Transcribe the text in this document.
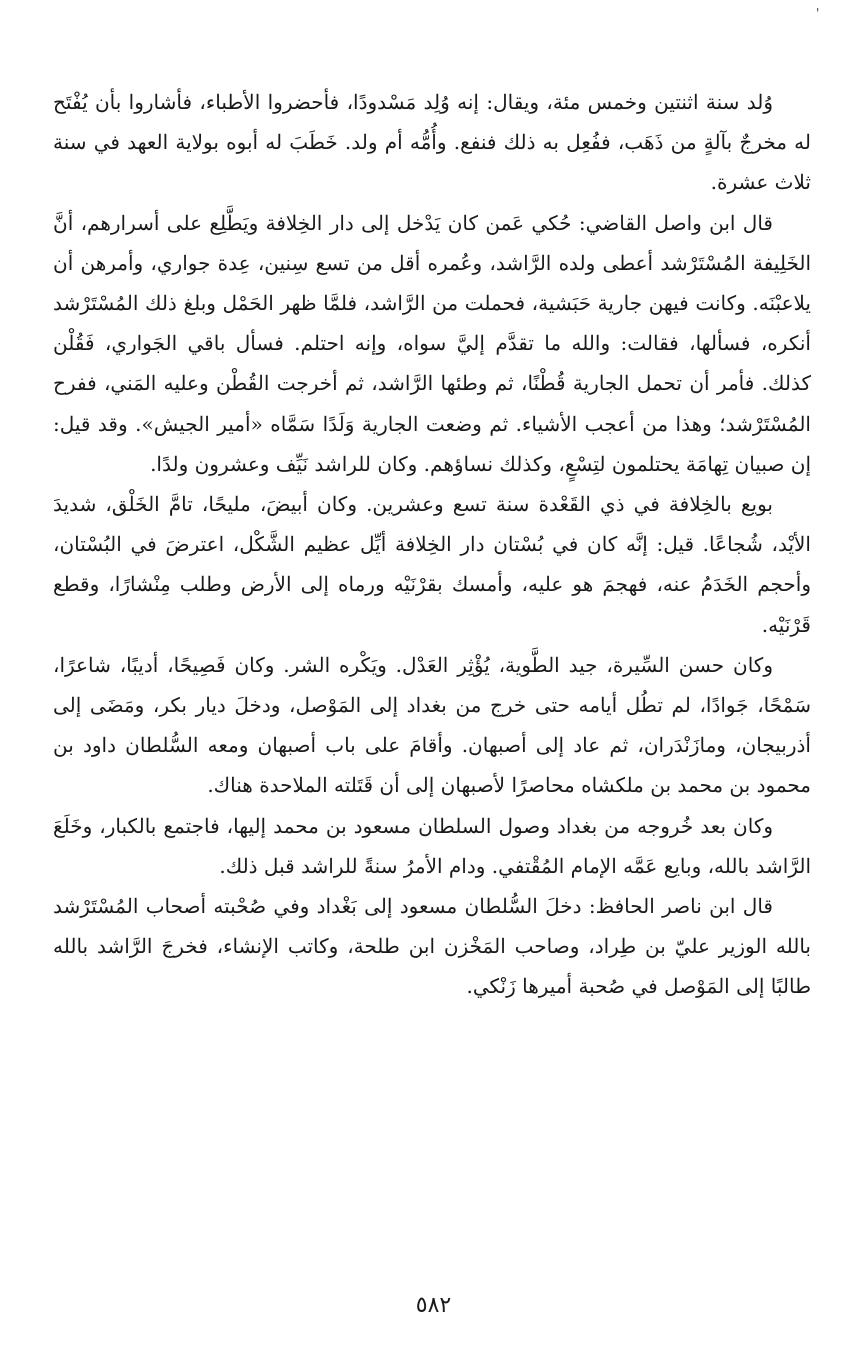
'

وُلد سنة اثنتين وخمس مئة، ويقال: إنه وُلِد مَسْدودًا، فأحضروا الأطباء، فأشاروا بأن يُفْتَح له مخرجٌ بآلةٍ من ذَهَب، ففُعِل به ذلك فنفع. وأُمُّه أم ولد. خَطَبَ له أبوه بولاية العهد في سنة ثلاث عشرة.

قال ابن واصل القاضي: حُكي عَمن كان يَدْخل إلى دار الخِلافة ويَطَّلِع على أسرارهم، أنَّ الخَلِيفة المُسْتَرْشد أعطى ولده الرَّاشد، وعُمره أقل من تسع سِنين، عِدة جواري، وأمرهن أن يلاعبْنَه. وكانت فيهن جارية حَبَشية، فحملت من الرَّاشد، فلمَّا ظهر الحَمْل وبلغ ذلك المُسْتَرْشد أنكره، فسألها، فقالت: والله ما تقدَّم إليَّ سواه، وإنه احتلم. فسأل باقي الجَواري، فَقُلْن كذلك. فأمر أن تحمل الجارية قُطْنًا، ثم وطئها الرَّاشد، ثم أخرجت القُطْن وعليه المَني، ففرح المُسْتَرْشد؛ وهذا من أعجب الأشياء. ثم وضعت الجارية وَلَدًا سَمَّاه «أمير الجيش». وقد قيل: إن صبيان تِهامَة يحتلمون لتِسْعٍ، وكذلك نساؤهم. وكان للراشد نَيِّف وعشرون ولدًا.

بويع بالخِلافة في ذي القَعْدة سنة تسع وعشرين. وكان أبيضَ، مليحًا، تامَّ الخَلْق، شديدَ الأيْد، شُجاعًا. قيل: إنَّه كان في بُسْتان دار الخِلافة أيِّل عظيم الشَّكْل، اعترضَ في البُسْتان، وأحجم الخَدَمُ عنه، فهجمَ هو عليه، وأمسك بقرْنَيْه ورماه إلى الأرض وطلب مِنْشارًا، وقطع قَرْنَيْه.

وكان حسن السِّيرة، جيد الطَّوية، يُؤْثِر العَدْل. ويَكْره الشر. وكان فَصِيحًا، أديبًا، شاعرًا، سَمْحًا، جَوادًا، لم تطُل أيامه حتى خرج من بغداد إلى المَوْصل، ودخلَ ديار بكر، ومَضَى إلى أذربيجان، ومازَنْدَران، ثم عاد إلى أصبهان. وأقامَ على باب أصبهان ومعه السُّلطان داود بن محمود بن محمد بن ملكشاه محاصرًا لأصبهان إلى أن قَتَلته الملاحدة هناك.

وكان بعد خُروجه من بغداد وصول السلطان مسعود بن محمد إليها، فاجتمع بالكبار، وخَلَعَ الرَّاشد بالله، وبايع عَمَّه الإمام المُقْتفي. ودام الأمرُ سنةً للراشد قبل ذلك.

قال ابن ناصر الحافظ: دخلَ السُّلطان مسعود إلى بَغْداد وفي صُحْبته أصحاب المُسْتَرْشد بالله الوزير عليّ بن طِراد، وصاحب المَخْزن ابن طلحة، وكاتب الإنشاء، فخرجَ الرَّاشد بالله طالبًا إلى المَوْصل في صُحبة أميرها زَنْكي.

٥٨٢
